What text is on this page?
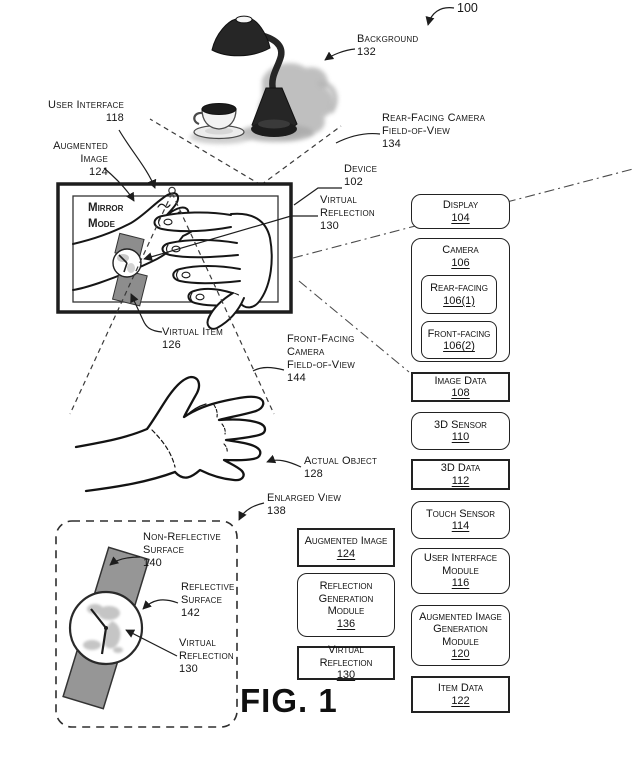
100
Background
132
User Interface
118
Augmented
Image
124
Rear-Facing Camera
Field-of-View
134
Device
102
Virtual
Reflection
130
Mirror
Mode
Virtual Item
126	Front-Facing
Camera
Field-of-View
144
Actual Object
128
Enlarged View
138
Non-Reflective
Surface
140
Reflective
Surface
142
Virtual
Reflection
130
FIG. 1
Augmented Image
124
Reflection Generation Module
136
Virtual Reflection
130
Display
104
Camera
106
Rear-facing
106(1)
Front-facing
106(2)
Image Data
108
3D Sensor
110
3D Data
112
Touch Sensor
114
User Interface Module
116
Augmented Image Generation Module
120
Item Data
122
